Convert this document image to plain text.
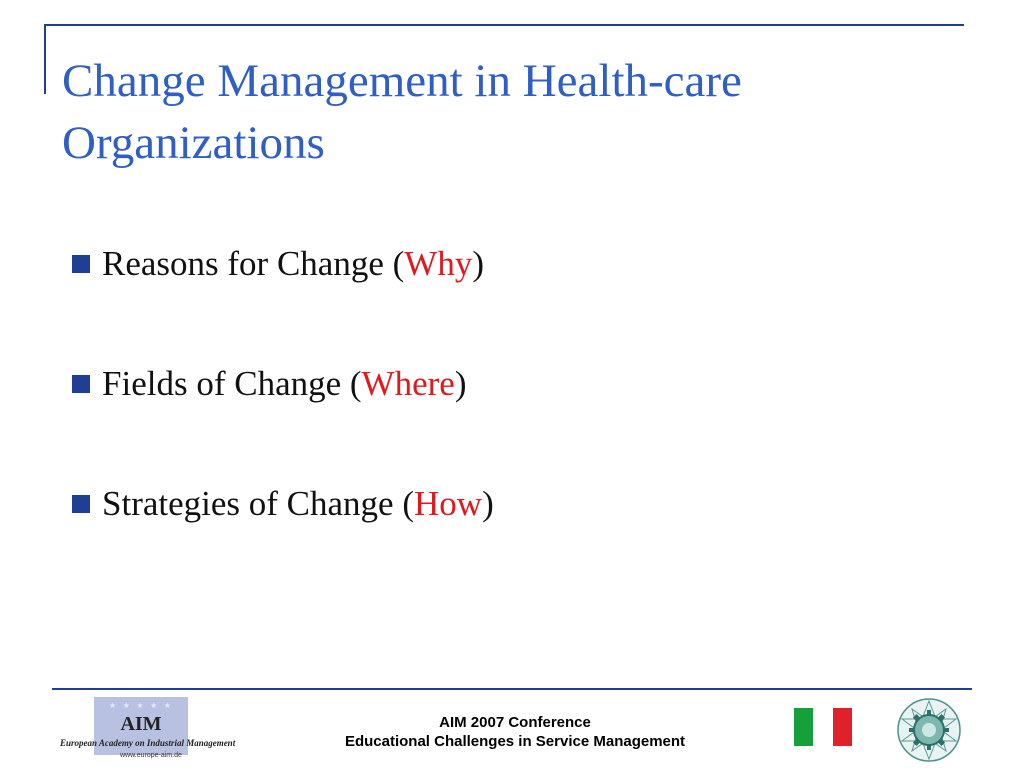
Change Management in Health-care
Organizations
Reasons for Change (Why)
Fields of Change (Where)
Strategies of Change (How)
★ ★ ★ ★ ★
AIM
European Academy on Industrial Management
www.europe-aim.de
AIM 2007 Conference
Educational Challenges in Service Management
